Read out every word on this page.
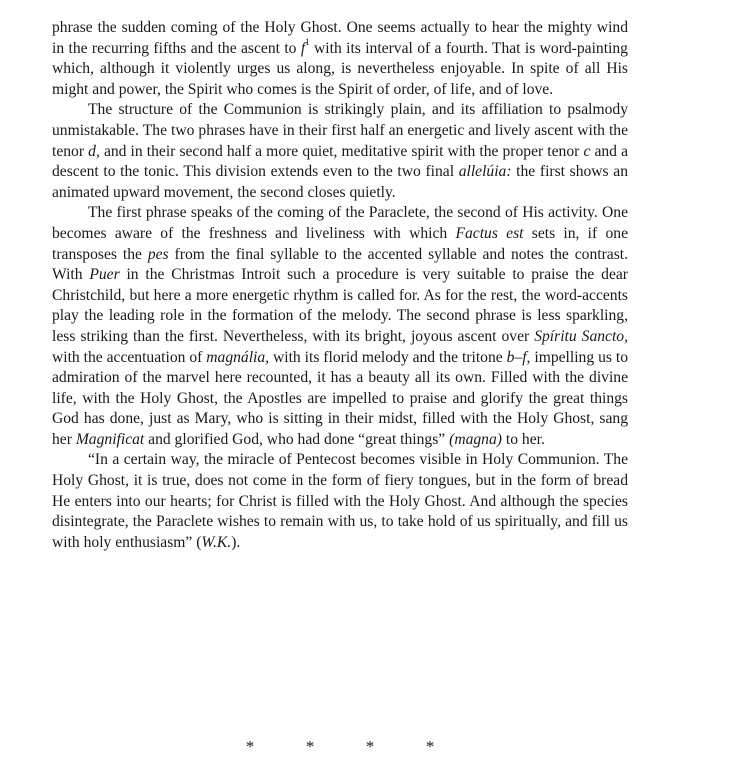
phrase the sudden coming of the Holy Ghost. One seems actually to hear the mighty wind in the recurring fifths and the ascent to $f^1$ with its interval of a fourth. That is word-painting which, although it violently urges us along, is nevertheless enjoyable. In spite of all His might and power, the Spirit who comes is the Spirit of order, of life, and of love.

The structure of the Communion is strikingly plain, and its affiliation to psalmody unmistakable. The two phrases have in their first half an energetic and lively ascent with the tenor d, and in their second half a more quiet, meditative spirit with the proper tenor c and a descent to the tonic. This division extends even to the two final allelúia: the first shows an animated upward movement, the second closes quietly.

The first phrase speaks of the coming of the Paraclete, the second of His activity. One becomes aware of the freshness and liveliness with which Factus est sets in, if one transposes the pes from the final syllable to the accented syllable and notes the contrast. With Puer in the Christmas Introit such a procedure is very suitable to praise the dear Christchild, but here a more energetic rhythm is called for. As for the rest, the word-accents play the leading role in the formation of the melody. The second phrase is less sparkling, less striking than the first. Nevertheless, with its bright, joyous ascent over Spíritu Sancto, with the accentuation of magnália, with its florid melody and the tritone b–f, impelling us to admiration of the marvel here recounted, it has a beauty all its own. Filled with the divine life, with the Holy Ghost, the Apostles are impelled to praise and glorify the great things God has done, just as Mary, who is sitting in their midst, filled with the Holy Ghost, sang her Magnificat and glorified God, who had done “great things” (magna) to her.

“In a certain way, the miracle of Pentecost becomes visible in Holy Communion. The Holy Ghost, it is true, does not come in the form of fiery tongues, but in the form of bread He enters into our hearts; for Christ is filled with the Holy Ghost. And although the species disintegrate, the Paraclete wishes to remain with us, to take hold of us spiritually, and fill us with holy enthusiasm” (W.K.).

*	*	*	*
